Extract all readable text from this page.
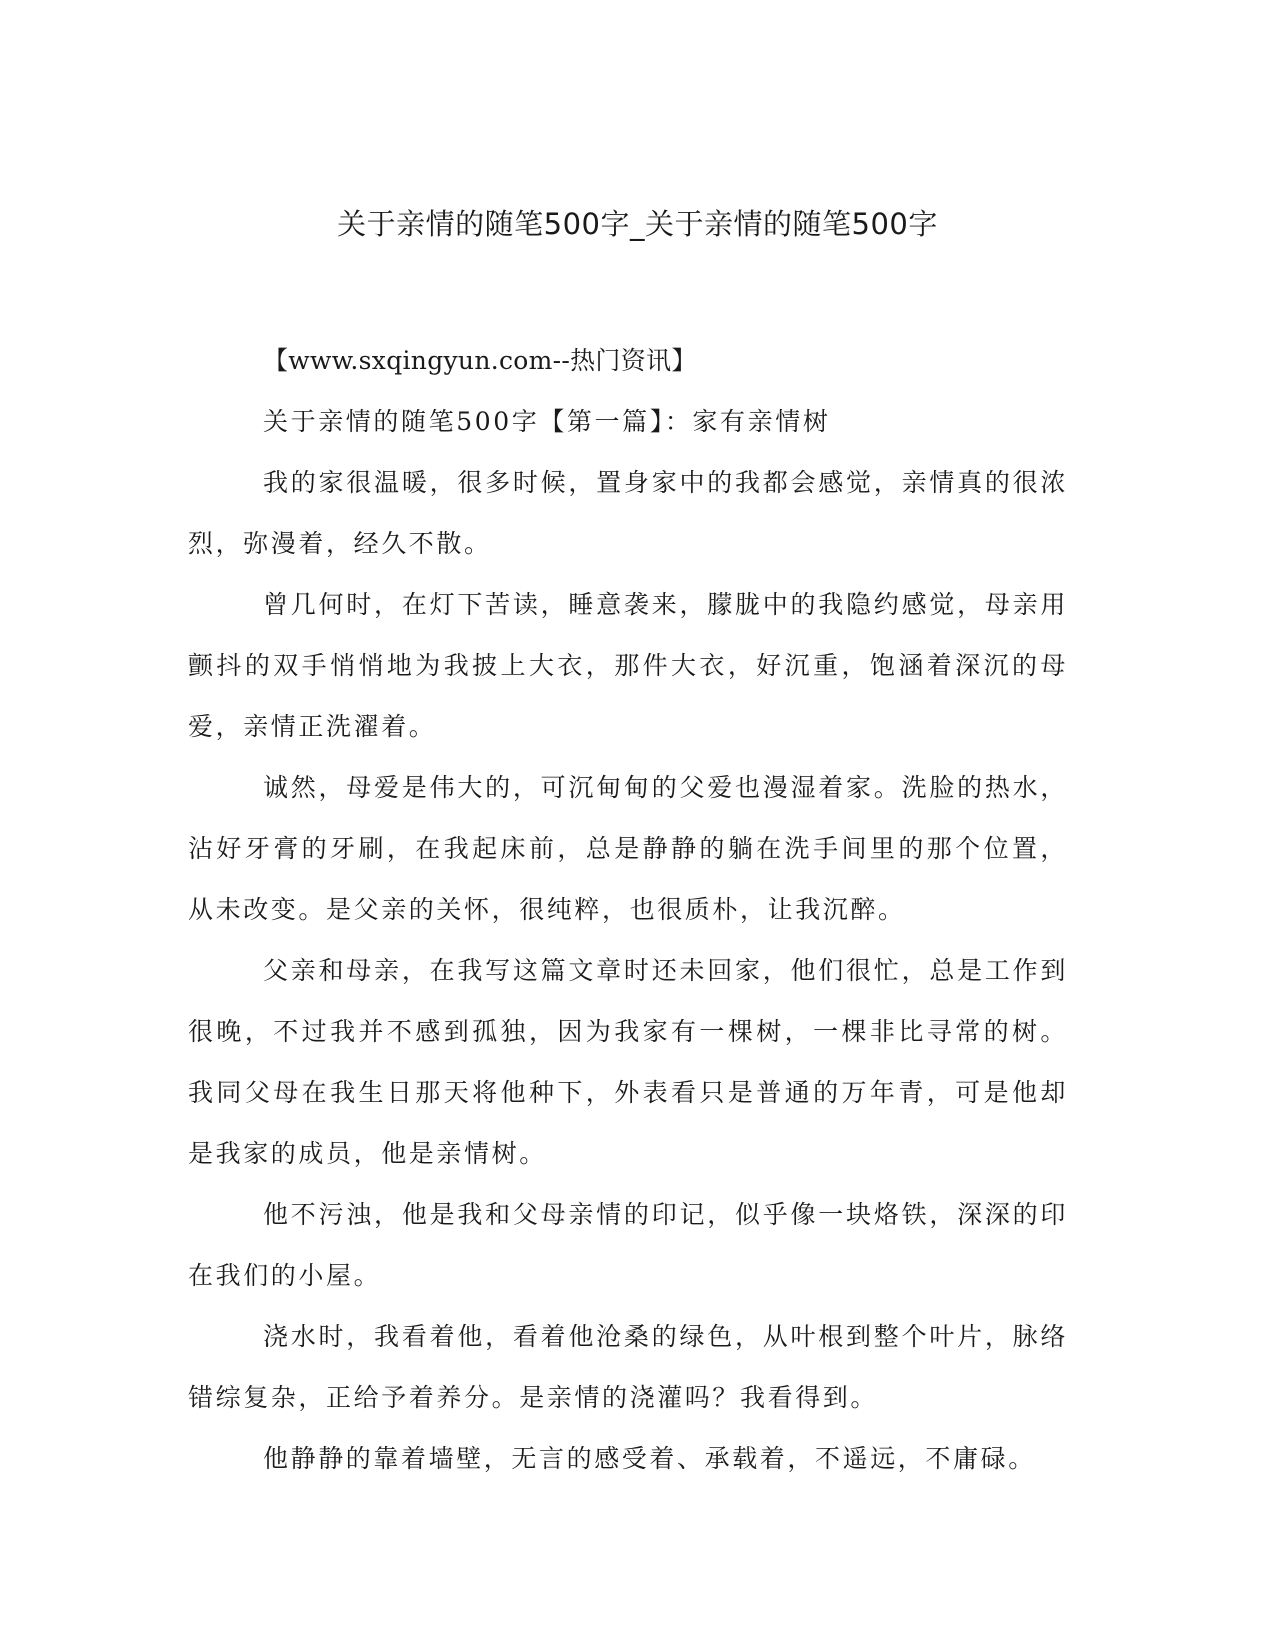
关于亲情的随笔500字_关于亲情的随笔500字

【www.sxqingyun.com--热门资讯】

关于亲情的随笔500字【第一篇】：家有亲情树

我的家很温暖，很多时候，置身家中的我都会感觉，亲情真的很浓烈，弥漫着，经久不散。

曾几何时，在灯下苦读，睡意袭来，朦胧中的我隐约感觉，母亲用颤抖的双手悄悄地为我披上大衣，那件大衣，好沉重，饱涵着深沉的母爱，亲情正洗濯着。

诚然，母爱是伟大的，可沉甸甸的父爱也漫湿着家。洗脸的热水，沾好牙膏的牙刷，在我起床前，总是静静的躺在洗手间里的那个位置，从未改变。是父亲的关怀，很纯粹，也很质朴，让我沉醉。

父亲和母亲，在我写这篇文章时还未回家，他们很忙，总是工作到很晚，不过我并不感到孤独，因为我家有一棵树，一棵非比寻常的树。我同父母在我生日那天将他种下，外表看只是普通的万年青，可是他却是我家的成员，他是亲情树。

他不污浊，他是我和父母亲情的印记，似乎像一块烙铁，深深的印在我们的小屋。

浇水时，我看着他，看着他沧桑的绿色，从叶根到整个叶片，脉络错综复杂，正给予着养分。是亲情的浇灌吗？我看得到。

他静静的靠着墙壁，无言的感受着、承载着，不遥远，不庸碌。
